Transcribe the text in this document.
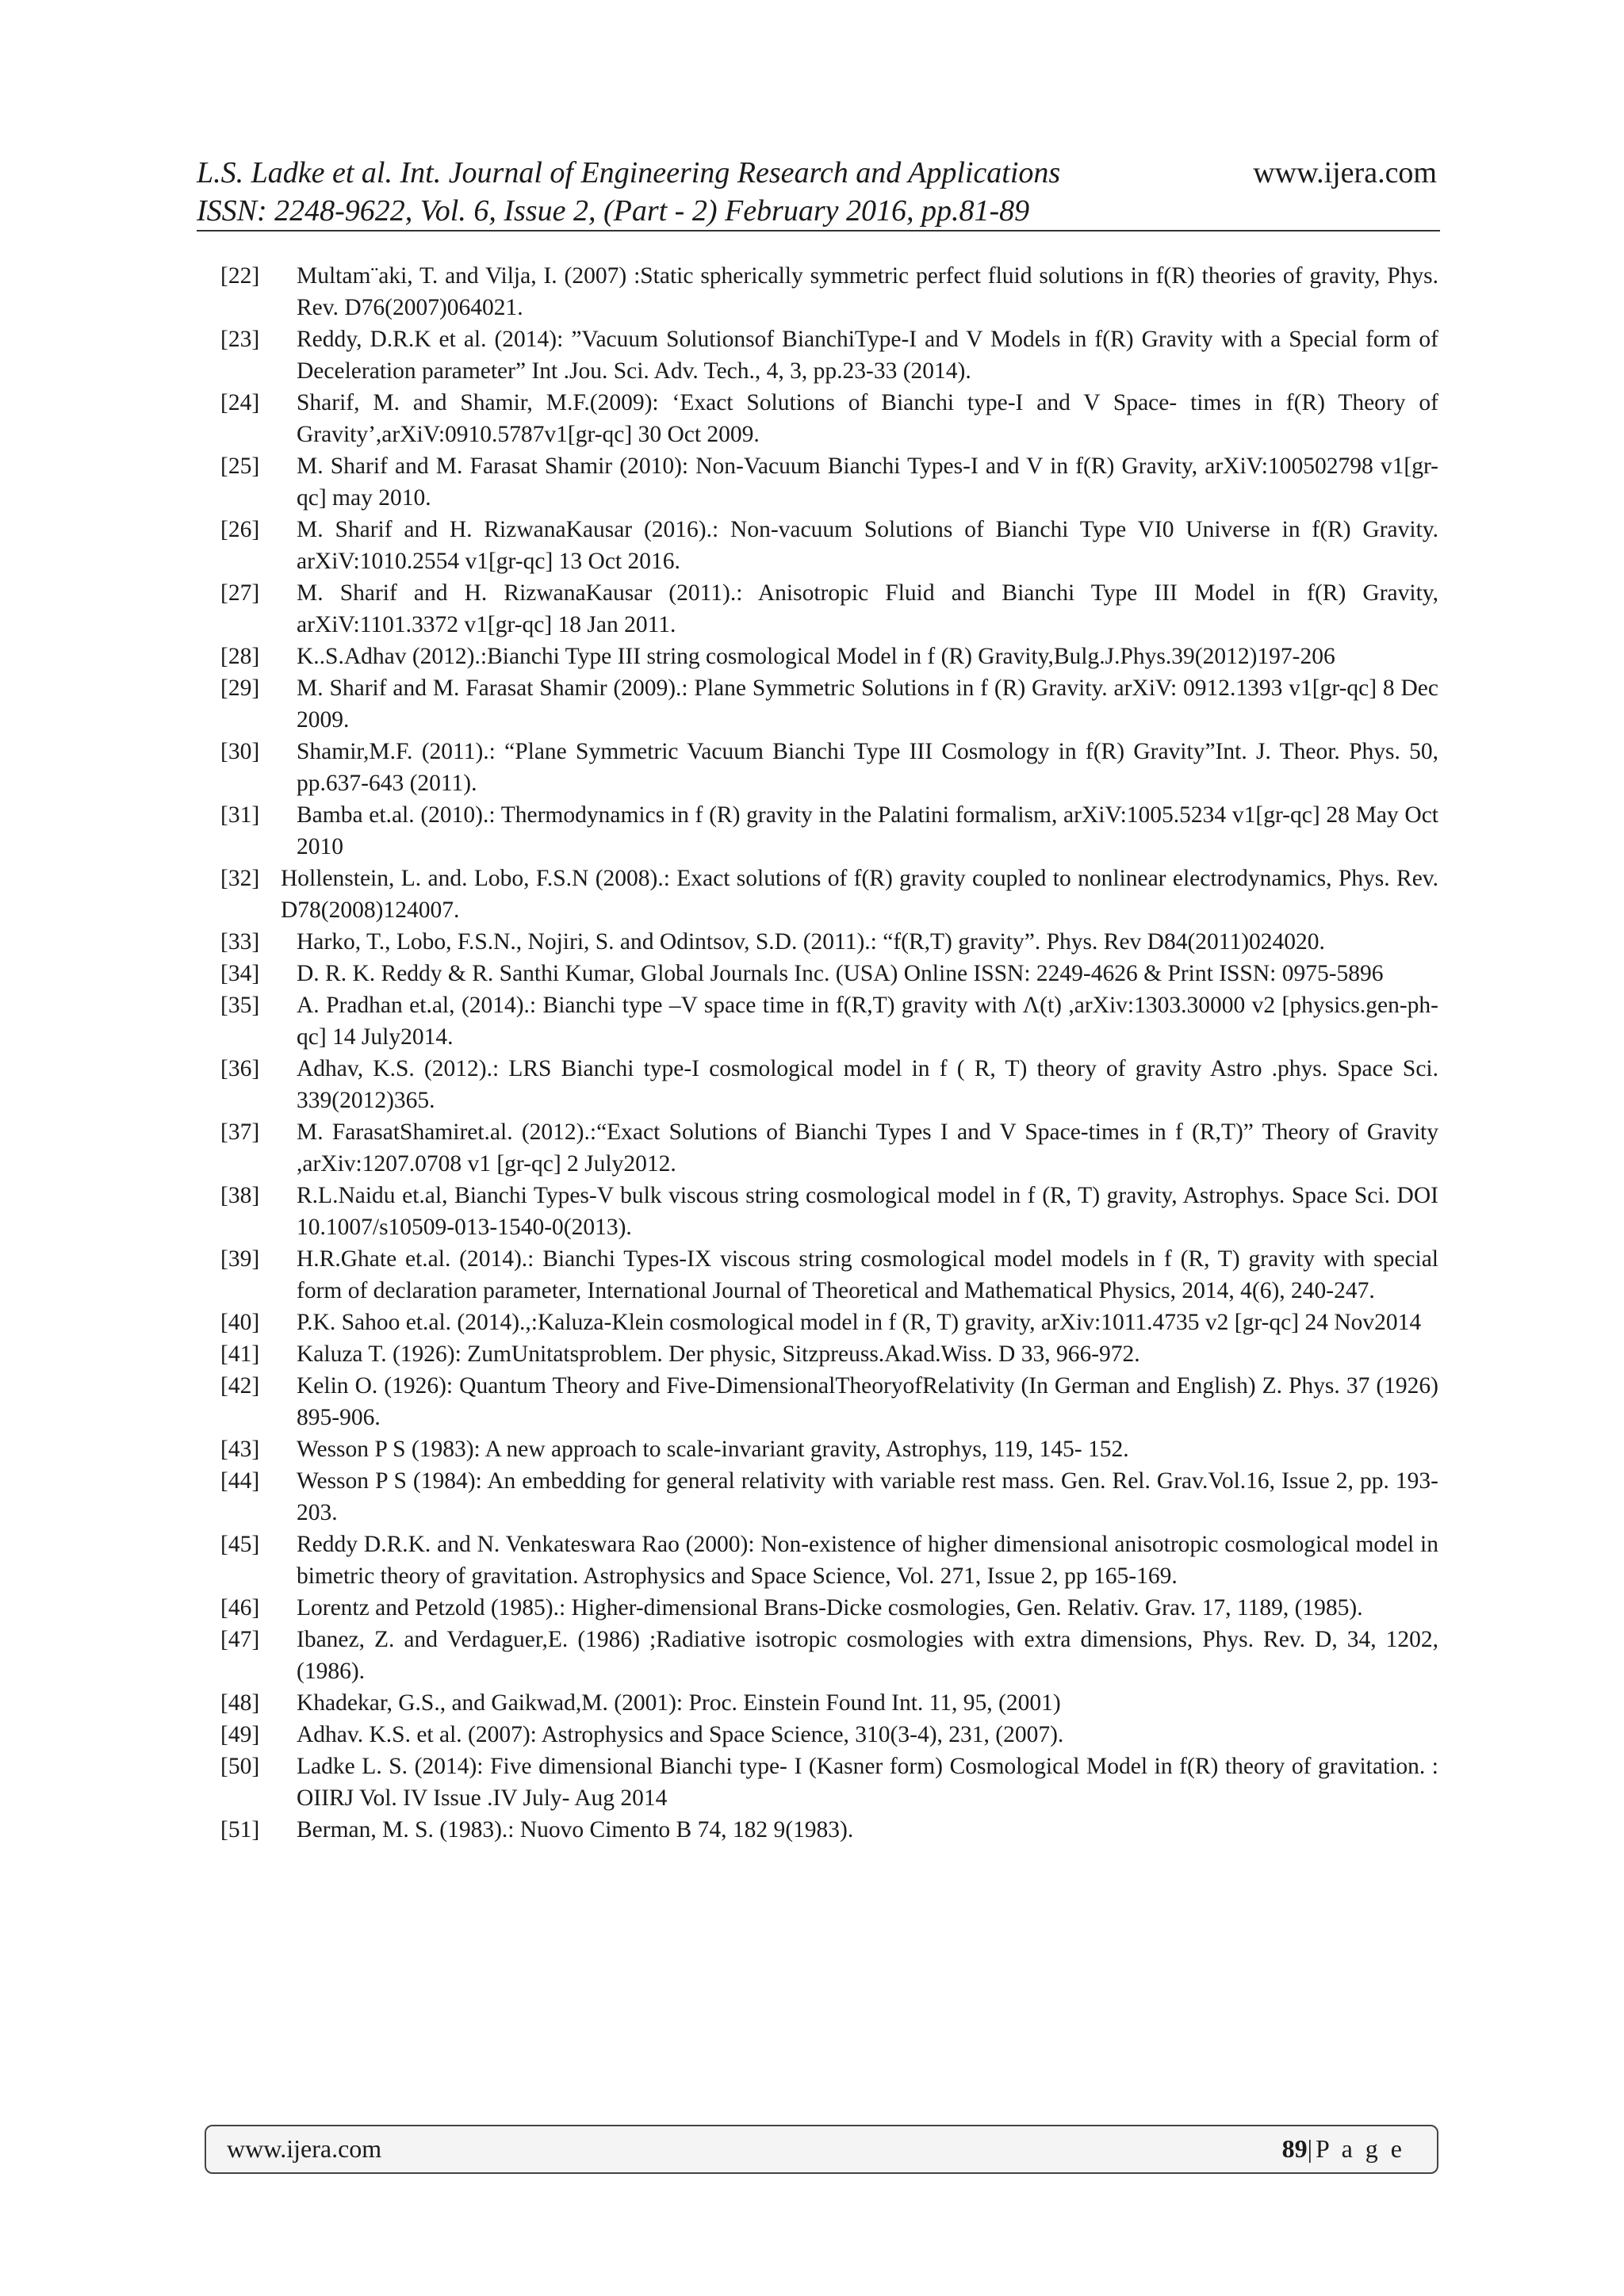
L.S. Ladke et al. Int. Journal of Engineering Research and Applications
ISSN: 2248-9622, Vol. 6, Issue 2, (Part - 2) February 2016, pp.81-89
www.ijera.com
[22]	Multam¨aki, T. and Vilja, I. (2007) :Static spherically symmetric perfect fluid solutions in f(R) theories of gravity, Phys. Rev. D76(2007)064021.
[23]	Reddy, D.R.K et al. (2014): ”Vacuum Solutionsof BianchiType-I and V Models in f(R) Gravity with a Special form of Deceleration parameter” Int .Jou. Sci. Adv. Tech., 4, 3, pp.23-33 (2014).
[24]	Sharif, M. and Shamir, M.F.(2009): ‘Exact Solutions of Bianchi type-I and V Space- times in f(R) Theory of Gravity’,arXiV:0910.5787v1[gr-qc] 30 Oct 2009.
[25]	M. Sharif and M. Farasat Shamir (2010): Non-Vacuum Bianchi Types-I and V in f(R) Gravity, arXiV:100502798 v1[gr-qc] may 2010.
[26]	M. Sharif and H. RizwanaKausar (2016).: Non-vacuum Solutions of Bianchi Type VI0 Universe in f(R) Gravity. arXiV:1010.2554 v1[gr-qc] 13 Oct 2016.
[27]	M. Sharif and H. RizwanaKausar (2011).: Anisotropic Fluid and Bianchi Type III Model in f(R) Gravity, arXiV:1101.3372 v1[gr-qc] 18 Jan 2011.
[28]	K..S.Adhav (2012).:Bianchi Type III string cosmological Model in f (R) Gravity,Bulg.J.Phys.39(2012)197-206
[29]	M. Sharif and M. Farasat Shamir (2009).: Plane Symmetric Solutions in f (R) Gravity. arXiV: 0912.1393 v1[gr-qc] 8 Dec 2009.
[30]	Shamir,M.F. (2011).: “Plane Symmetric Vacuum Bianchi Type III Cosmology in f(R) Gravity”Int. J. Theor. Phys. 50, pp.637-643 (2011).
[31]	Bamba et.al. (2010).: Thermodynamics in f (R) gravity in the Palatini formalism, arXiV:1005.5234 v1[gr-qc] 28 May Oct 2010
[32] Hollenstein, L. and. Lobo, F.S.N (2008).: Exact solutions of f(R) gravity coupled to nonlinear electrodynamics, Phys. Rev. D78(2008)124007.
[33]	Harko, T., Lobo, F.S.N., Nojiri, S. and Odintsov, S.D. (2011).: “f(R,T) gravity”. Phys. Rev D84(2011)024020.
[34]	D. R. K. Reddy & R. Santhi Kumar, Global Journals Inc. (USA) Online ISSN: 2249-4626 & Print ISSN: 0975-5896
[35]	A. Pradhan et.al, (2014).: Bianchi type –V space time in f(R,T) gravity with Λ(t) ,arXiv:1303.30000 v2 [physics.gen-ph-qc] 14 July2014.
[36]	Adhav, K.S. (2012).: LRS Bianchi type-I cosmological model in f ( R, T) theory of gravity Astro .phys. Space Sci. 339(2012)365.
[37]	M. FarasatShamiret.al. (2012).:“Exact Solutions of Bianchi Types I and V Space-times in f (R,T)” Theory of Gravity ,arXiv:1207.0708 v1 [gr-qc] 2 July2012.
[38]	R.L.Naidu et.al, Bianchi Types-V bulk viscous string cosmological model in f (R, T) gravity, Astrophys. Space Sci. DOI 10.1007/s10509-013-1540-0(2013).
[39]	H.R.Ghate et.al. (2014).: Bianchi Types-IX viscous string cosmological model models in f (R, T) gravity with special form of declaration parameter, International Journal of Theoretical and Mathematical Physics, 2014, 4(6), 240-247.
[40]	P.K. Sahoo et.al. (2014).,:Kaluza-Klein cosmological model in f (R, T) gravity, arXiv:1011.4735 v2 [gr-qc] 24 Nov2014
[41]	Kaluza T. (1926): ZumUnitatsproblem. Der physic, Sitzpreuss.Akad.Wiss. D 33, 966-972.
[42]	Kelin O. (1926): Quantum Theory and Five-DimensionalTheoryofRelativity (In German and English) Z. Phys. 37 (1926) 895-906.
[43]	Wesson P S (1983): A new approach to scale-invariant gravity, Astrophys, 119, 145- 152.
[44]	Wesson P S (1984): An embedding for general relativity with variable rest mass. Gen. Rel. Grav.Vol.16, Issue 2, pp. 193-203.
[45]	Reddy D.R.K. and N. Venkateswara Rao (2000): Non-existence of higher dimensional anisotropic cosmological model in bimetric theory of gravitation. Astrophysics and Space Science, Vol. 271, Issue 2, pp 165-169.
[46]	Lorentz and Petzold (1985).: Higher-dimensional Brans-Dicke cosmologies, Gen. Relativ. Grav. 17, 1189, (1985).
[47]	Ibanez, Z. and Verdaguer,E. (1986) ;Radiative isotropic cosmologies with extra dimensions, Phys. Rev. D, 34, 1202, (1986).
[48]	Khadekar, G.S., and Gaikwad,M. (2001): Proc. Einstein Found Int. 11, 95, (2001)
[49]	Adhav. K.S. et al. (2007): Astrophysics and Space Science, 310(3-4), 231, (2007).
[50]	Ladke L. S. (2014): Five dimensional Bianchi type- I (Kasner form) Cosmological Model in f(R) theory of gravitation. : OIIRJ Vol. IV Issue .IV July- Aug 2014
[51]	Berman, M. S. (1983).: Nuovo Cimento B 74, 182 9(1983).
www.ijera.com	89|P a g e
